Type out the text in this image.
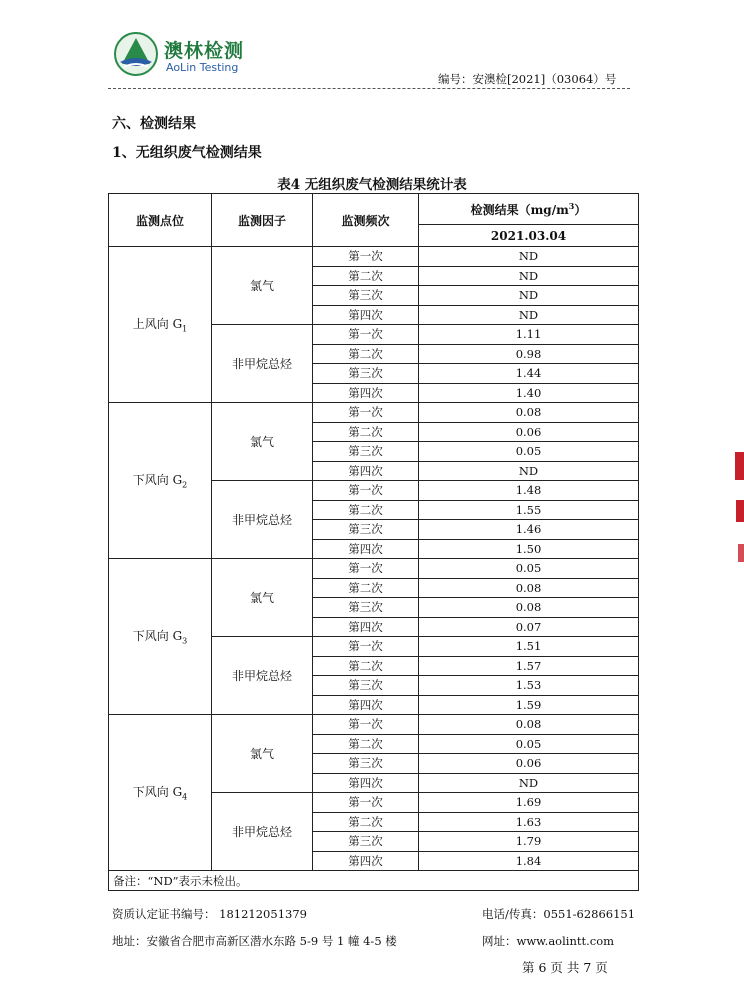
澳林检测
AoLin Testing
编号：安澳检[2021]（03064）号
六、检测结果
1、无组织废气检测结果
表4 无组织废气检测结果统计表
监测点位	监测因子	监测频次	检测结果$(mg/m^3)$
			2021.03.04
上风向 $G_1$	氯气	第一次	ND
		第二次	ND
		第三次	ND
		第四次	ND
	非甲烷总烃	第一次	1.11
		第二次	0.98
		第三次	1.44
		第四次	1.40
下风向 $G_2$	氯气	第一次	0.08
		第二次	0.06
		第三次	0.05
		第四次	ND
	非甲烷总烃	第一次	1.48
		第二次	1.55
		第三次	1.46
		第四次	1.50
下风向 $G_3$	氯气	第一次	0.05
		第二次	0.08
		第三次	0.08
		第四次	0.07
	非甲烷总烃	第一次	1.51
		第二次	1.57
		第三次	1.53
		第四次	1.59
下风向 $G_4$	氯气	第一次	0.08
		第二次	0.05
		第三次	0.06
		第四次	ND
	非甲烷总烃	第一次	1.69
		第二次	1.63
		第三次	1.79
		第四次	1.84
备注：“ND”表示未检出。			
资质认定证书编号： 181212051379	电话/传真：0551-62866151
地址：安徽省合肥市高新区潜水东路 5-9 号 1 幢 4-5 楼	网址：www.aolintt.com
第 6 页 共 7 页
